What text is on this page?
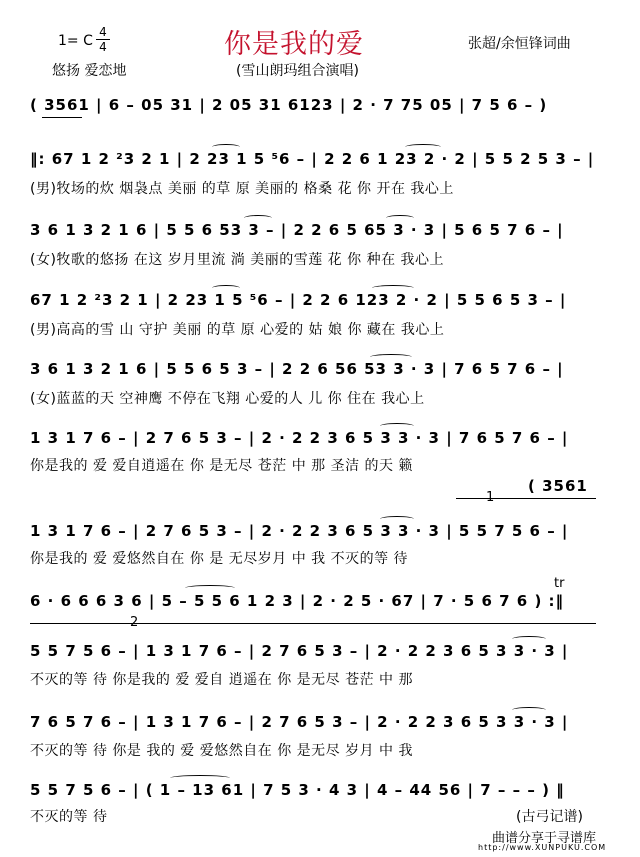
1= C
4
4	你是我的爱	张超/余恒锋词曲
悠扬 爱恋地	(雪山朗玛组合演唱)
( 3561 | 6 – 05 31 | 2 05 31 6123 | 2 · 7 75 05 | 7 5 6 – )
‖: 67 1 2 ²3 2 1 | 2 23 1 5 ⁵6 – | 2 2 6 1 23 2 · 2 | 5 5 2 5 3 – |
(男)牧场的炊 烟袅点 美丽 的草 原 美丽的 格桑 花 你 开在 我心上
3 6 1 3 2 1 6 | 5 5 6 53 3 – | 2 2 6 5 65 3 · 3 | 5 6 5 7 6 – |
(女)牧歌的悠扬 在这 岁月里流 淌 美丽的雪莲 花 你 种在 我心上
67 1 2 ²3 2 1 | 2 23 1 5 ⁵6 – | 2 2 6 123 2 · 2 | 5 5 6 5 3 – |
(男)高高的雪 山 守护 美丽 的草 原 心爱的 姑 娘 你 藏在 我心上
3 6 1 3 2 1 6 | 5 5 6 5 3 – | 2 2 6 56 53 3 · 3 | 7 6 5 7 6 – |
(女)蓝蓝的天 空神鹰 不停在飞翔 心爱的人 儿 你 住在 我心上
1 3 1 7 6 – | 2 7 6 5 3 – | 2 · 2 2 3 6 5 3 3 · 3 | 7 6 5 7 6 – |
你是我的 爱 爱自逍遥在 你 是无尽 苍茫 中 那 圣洁 的天 籁
( 3561
1
1 3 1 7 6 – | 2 7 6 5 3 – | 2 · 2 2 3 6 5 3 3 · 3 | 5 5 7 5 6 – |
你是我的 爱 爱悠然自在 你 是 无尽岁月 中 我 不灭的等 待
tr
6 · 6 6 6 3 6 | 5 – 5 5 6 1 2 3 | 2 · 2 5 · 67 | 7 · 5 6 7 6 ) :‖
2
5 5 7 5 6 – | 1 3 1 7 6 – | 2 7 6 5 3 – | 2 · 2 2 3 6 5 3 3 · 3 |
不灭的等 待 你是我的 爱 爱自 逍遥在 你 是无尽 苍茫 中 那
7 6 5 7 6 – | 1 3 1 7 6 – | 2 7 6 5 3 – | 2 · 2 2 3 6 5 3 3 · 3 |
不灭的等 待 你是 我的 爱 爱悠然自在 你 是无尽 岁月 中 我
5 5 7 5 6 – | ( 1 – 13 61 | 7 5 3 · 4 3 | 4 – 44 56 | 7 – – – ) ‖
不灭的等 待	(古弓记谱)
曲谱分享于寻谱库
http://www.XUNPUKU.COM
